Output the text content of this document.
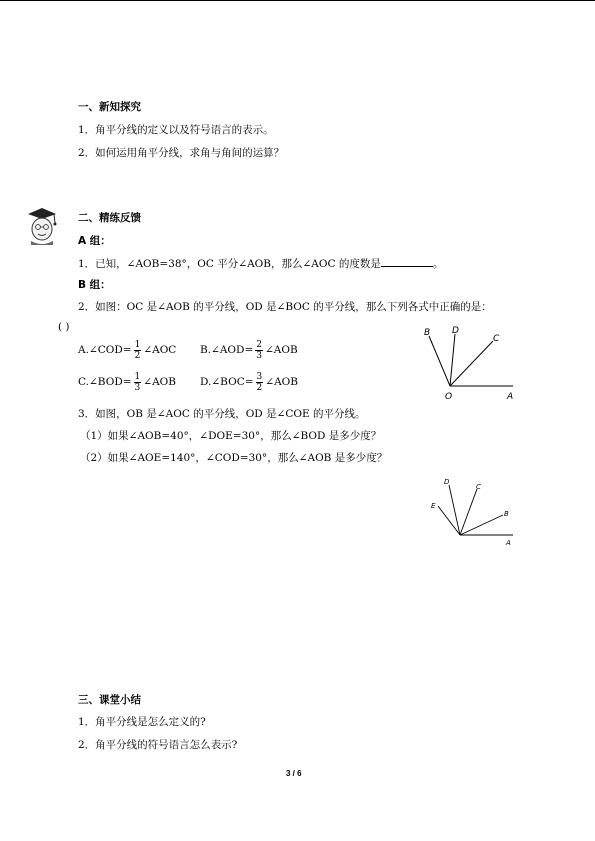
一、新知探究
1．角平分线的定义以及符号语言的表示。
2．如何运用角平分线，求角与角间的运算？
二、精练反馈
A 组：
1．已知，∠AOB=38°，OC 平分∠AOB，那么∠AOC 的度数是	。
B 组：
2．如图：OC 是∠AOB 的平分线，OD 是∠BOC 的平分线，那么下列各式中正确的是：
( )
A.∠COD= $\frac{1}{2}$ ∠AOC B.∠AOD= $\frac{2}{3}$ ∠AOB
C.∠BOD= $\frac{1}{3}$ ∠AOB D.∠BOC= $\frac{3}{2}$ ∠AOB
B D
C
O	A
3．如图，OB 是∠AOC 的平分线，OD 是∠COE 的平分线。
（1）如果∠AOB=40°，∠DOE=30°，那么∠BOD 是多少度？
（2）如果∠AOE=140°，∠COD=30°，那么∠AOB 是多少度？
D
C
E
B
A
三、课堂小结
1．角平分线是怎么定义的?
2．角平分线的符号语言怎么表示?
3 / 6
